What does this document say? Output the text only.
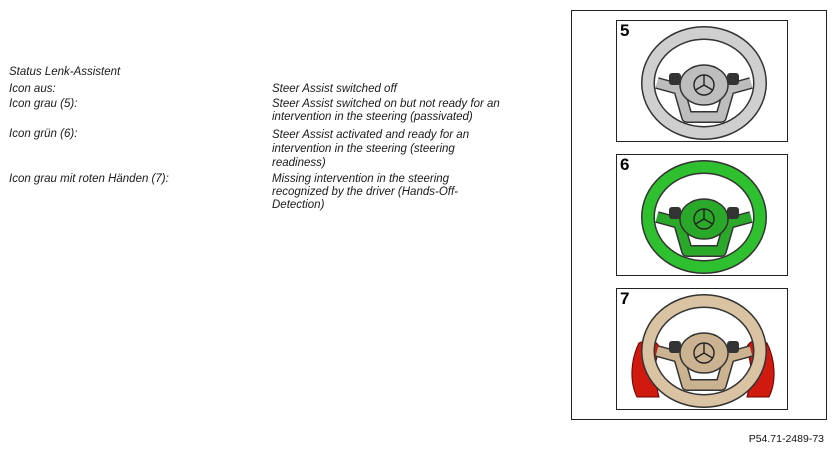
Status Lenk-Assistent
Icon aus:	Steer Assist switched off
Icon grau (5):	Steer Assist switched on but not ready for an intervention in the steering (passivated)
Icon grün (6):	Steer Assist activated and ready for an intervention in the steering (steering readiness)
Icon grau mit roten Händen (7):	Missing intervention in the steering recognized by the driver (Hands-Off-Detection)
5
6
7
P54.71-2489-73
